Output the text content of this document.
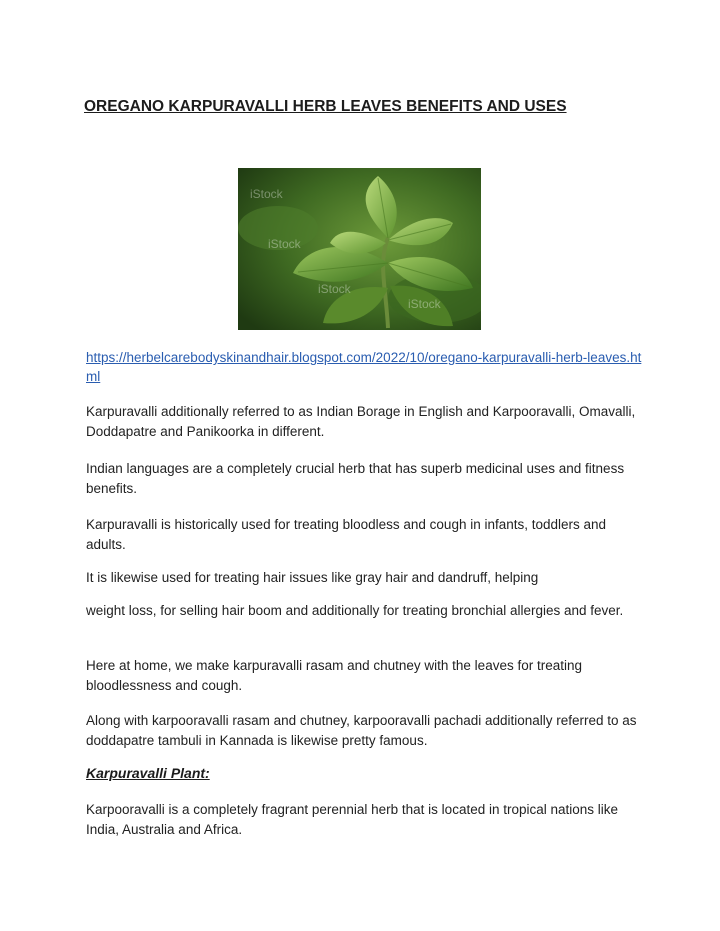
OREGANO KARPURAVALLI HERB LEAVES BENEFITS AND USES
iStock
iStock
iStock
iStock
https://herbelcarebodyskinandhair.blogspot.com/2022/10/oregano-karpuravalli-herb-leaves.html
Karpuravalli additionally referred to as Indian Borage in English and Karpooravalli, Omavalli, Doddapatre and Panikoorka in different.
Indian languages are a completely crucial herb that has superb medicinal uses and fitness benefits.
Karpuravalli is historically used for treating bloodless and cough in infants, toddlers and adults.
It is likewise used for treating hair issues like gray hair and dandruff, helping
weight loss, for selling hair boom and additionally for treating bronchial allergies and fever.
Here at home, we make karpuravalli rasam and chutney with the leaves for treating bloodlessness and cough.
Along with karpooravalli rasam and chutney, karpooravalli pachadi additionally referred to as doddapatre tambuli in Kannada is likewise pretty famous.
Karpuravalli Plant:
Karpooravalli is a completely fragrant perennial herb that is located in tropical nations like India, Australia and Africa.
